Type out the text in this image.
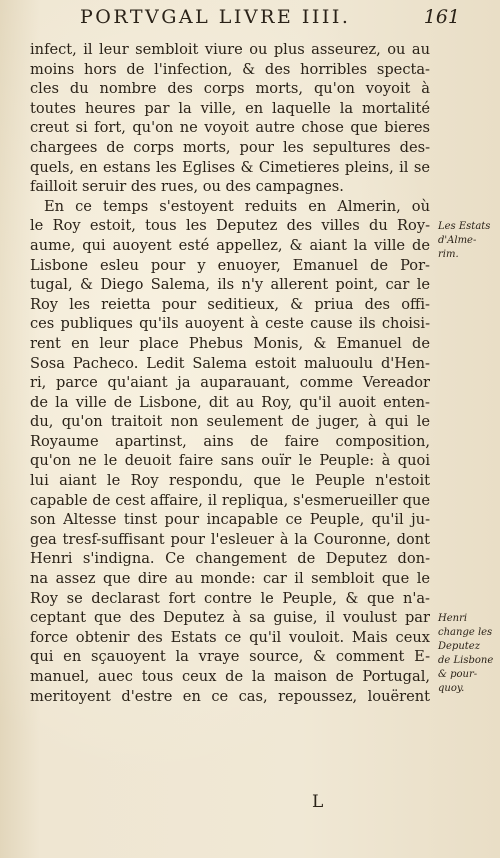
PORTVGAL LIVRE IIII.	161
infect, il leur sembloit viure ou plus asseurez, ou au
moins hors de l'infection, & des horribles specta-
cles du nombre des corps morts, qu'on voyoit à
toutes heures par la ville, en laquelle la mortalité
creut si fort, qu'on ne voyoit autre chose que bieres
chargees de corps morts, pour les sepultures des-
quels, en estans les Eglises & Cimetieres pleins, il se
failloit seruir des rues, ou des campagnes.
En ce temps s'estoyent reduits en Almerin, où
le Roy estoit, tous les Deputez des villes du Roy-
aume, qui auoyent esté appellez, & aiant la ville de
Lisbone esleu pour y enuoyer, Emanuel de Por-
tugal, & Diego Salema, ils n'y allerent point, car le
Roy les reietta pour seditieux, & priua des offi-
ces publiques qu'ils auoyent à ceste cause ils choisi-
rent en leur place Phebus Monis, & Emanuel de
Sosa Pacheco. Ledit Salema estoit maluoulu d'Hen-
ri, parce qu'aiant ja auparauant, comme Vereador
de la ville de Lisbone, dit au Roy, qu'il auoit enten-
du, qu'on traitoit non seulement de juger, à qui le
Royaume apartinst, ains de faire composition,
qu'on ne le deuoit faire sans ouïr le Peuple: à quoi
lui aiant le Roy respondu, que le Peuple n'estoit
capable de cest affaire, il repliqua, s'esmerueiller que
son Altesse tinst pour incapable ce Peuple, qu'il ju-
gea tresf-suffisant pour l'esleuer à la Couronne, dont
Henri s'indigna. Ce changement de Deputez don-
na assez que dire au monde: car il sembloit que le
Roy se declarast fort contre le Peuple, & que n'a-
ceptant que des Deputez à sa guise, il voulust par
force obtenir des Estats ce qu'il vouloit. Mais ceux
qui en sçauoyent la vraye source, & comment E-
manuel, auec tous ceux de la maison de Portugal,
meritoyent d'estre en ce cas, repoussez, louërent
Les Estats
d'Alme-
rim.
Henri
change les
Deputez
de Lisbone
& pour-
quoy.
L
